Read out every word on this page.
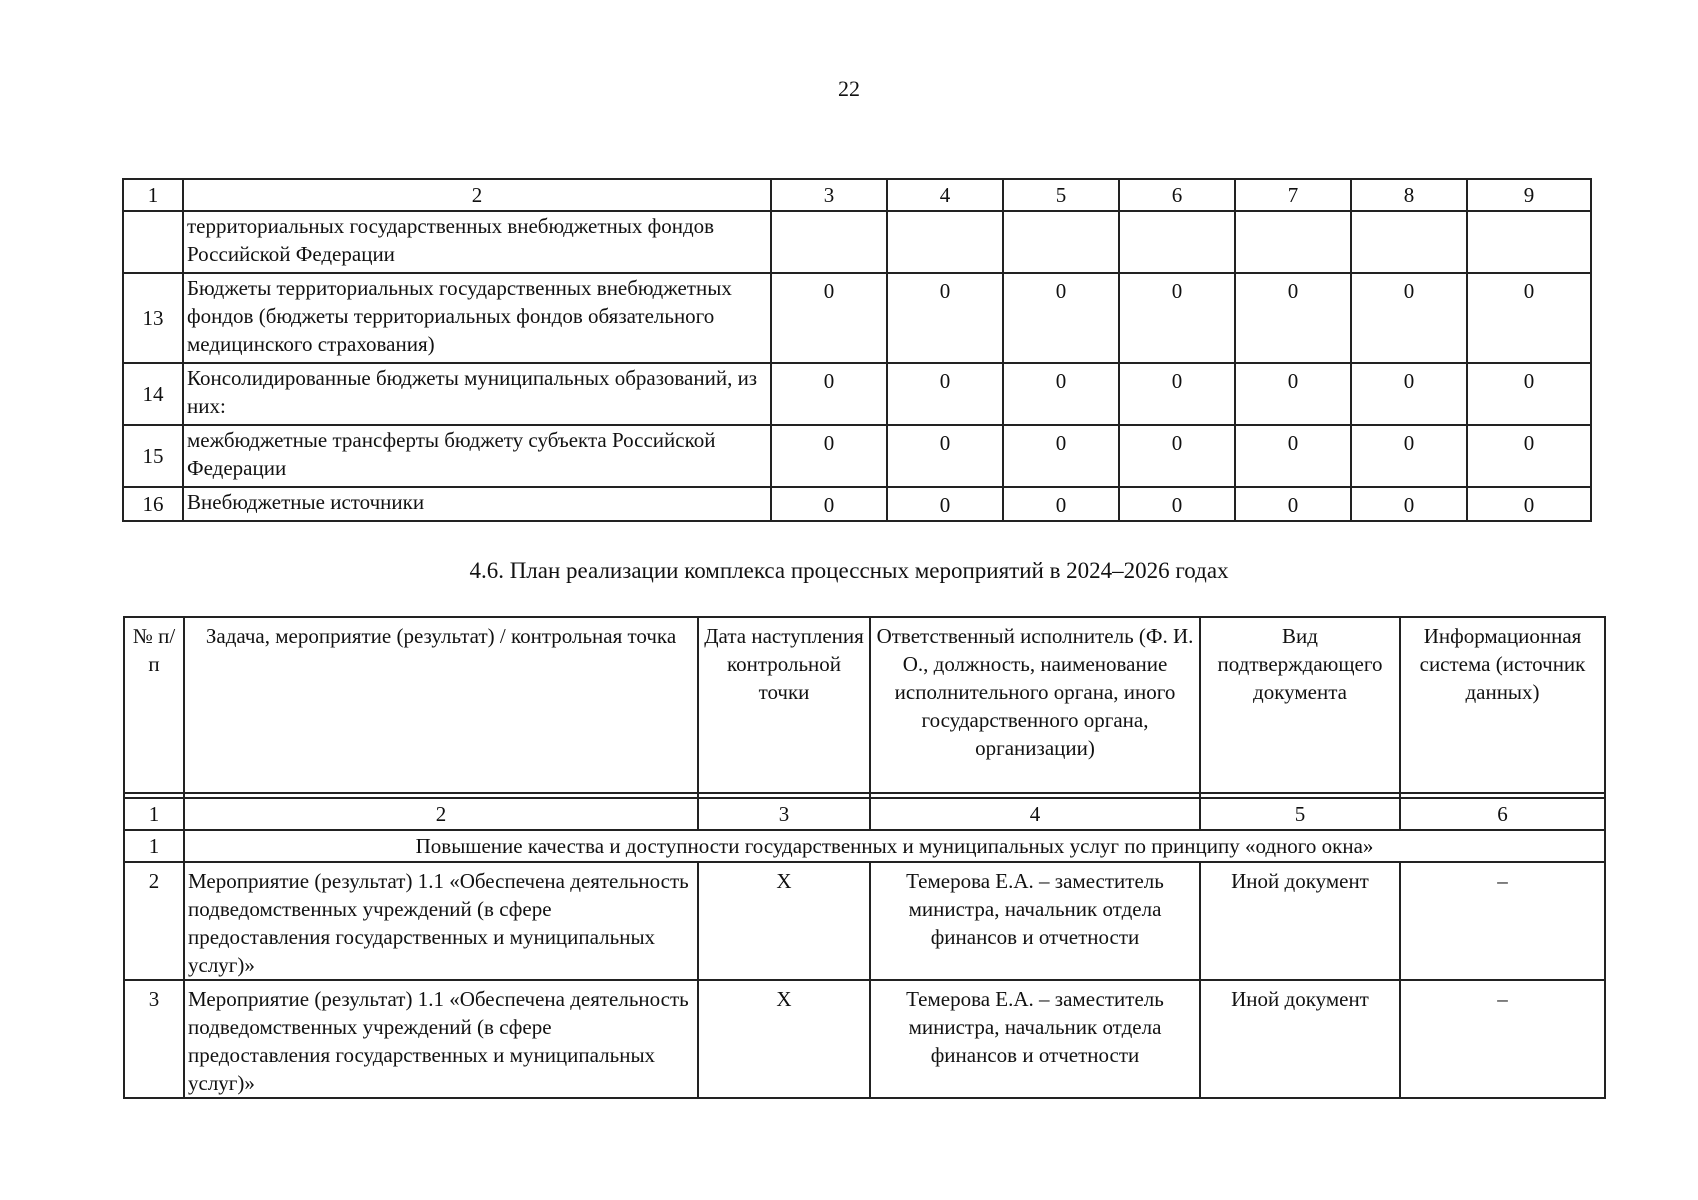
22
1	2	3	4	5	6	7	8	9
	территориальных государственных внебюджетных фондов Российской Федерации							
13	Бюджеты территориальных государственных внебюджетных фондов (бюджеты территориальных фондов обязательного медицинского страхования)	0	0	0	0	0	0	0
14	Консолидированные бюджеты муниципальных образований, из них:	0	0	0	0	0	0	0
15	межбюджетные трансферты бюджету субъекта Российской Федерации	0	0	0	0	0	0	0
16	Внебюджетные источники	0	0	0	0	0	0	0
4.6. План реализации комплекса процессных мероприятий в 2024–2026 годах
№ п/п	Задача, мероприятие (результат) / контрольная точка	Дата наступления контрольной точки	Ответственный исполнитель (Ф. И. О., должность, наименование исполнительного органа, иного государственного органа, организации)	Вид подтверждающего документа	Информационная система (источник данных)

1	2	3	4	5	6
1	Повышение качества и доступности государственных и муниципальных услуг по принципу «одного окна»				
2	Мероприятие (результат) 1.1 «Обеспечена деятельность подведомственных учреждений (в сфере предоставления государственных и муниципальных услуг)»	Х	Темерова Е.А. – заместитель министра, начальник отдела финансов и отчетности	Иной документ	–
3	Мероприятие (результат) 1.1 «Обеспечена деятельность подведомственных учреждений (в сфере предоставления государственных и муниципальных услуг)»	Х	Темерова Е.А. – заместитель министра, начальник отдела финансов и отчетности	Иной документ	–
